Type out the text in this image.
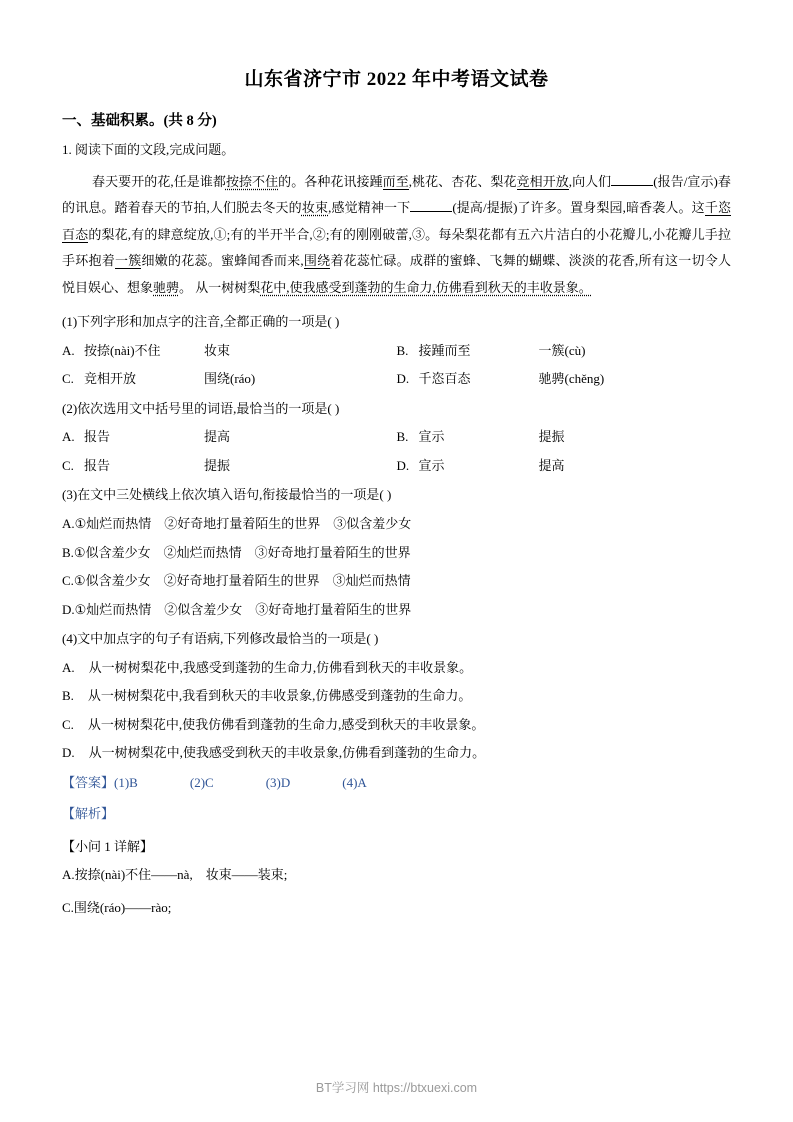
山东省济宁市 2022 年中考语文试卷
一、基础积累。(共 8 分)
1. 阅读下面的文段,完成问题。
春天要开的花,任是谁都按捺不住的。各种花讯接踵而至,桃花、杏花、梨花竞相开放,向人们	(报告/宣示)春的讯息。踏着春天的节拍,人们脱去冬天的妆束,感觉精神一下	(提高/提振)了许多。置身梨园,暗香袭人。这千恣百态的梨花,有的肆意绽放,①;有的半开半合,②;有的刚刚破蕾,③。每朵梨花都有五六片洁白的小花瓣儿,小花瓣儿手拉手环抱着一簇细嫩的花蕊。蜜蜂闻香而来,围绕着花蕊忙碌。成群的蜜蜂、飞舞的蝴蝶、淡淡的花香,所有这一切令人悦目娱心、想象驰骋。 从一树树梨花中,使我感受到蓬勃的生命力,仿佛看到秋天的丰收景象。
(1)下列字形和加点字的注音,全都正确的一项是( )
A. 按捺(nài)不住	妆束	B. 接踵而至	一簇(cù)
C. 竞相开放	围绕(ráo)	D. 千恣百态	驰骋(chěng)
(2)依次选用文中括号里的词语,最恰当的一项是( )
A. 报告	提高	B. 宣示	提振
C. 报告	提振	D. 宣示	提高
(3)在文中三处横线上依次填入语句,衔接最恰当的一项是( )
A.①灿烂而热情　②好奇地打量着陌生的世界　③似含羞少女
B.①似含羞少女　②灿烂而热情　③好奇地打量着陌生的世界
C.①似含羞少女　②好奇地打量着陌生的世界　③灿烂而热情
D.①灿烂而热情　②似含羞少女　③好奇地打量着陌生的世界
(4)文中加点字的句子有语病,下列修改最恰当的一项是( )
A. 从一树树梨花中,我感受到蓬勃的生命力,仿佛看到秋天的丰收景象。
B. 从一树树梨花中,我看到秋天的丰收景象,仿佛感受到蓬勃的生命力。
C. 从一树树梨花中,使我仿佛看到蓬勃的生命力,感受到秋天的丰收景象。
D. 从一树树梨花中,使我感受到秋天的丰收景象,仿佛看到蓬勃的生命力。
【答案】(1)B	(2)C	(3)D	(4)A
【解析】
【小问 1 详解】
A.按捺(nài)不住——nà,　妆束——装束;
C.围绕(ráo)——rào;
BT学习网 https://btxuexi.com
